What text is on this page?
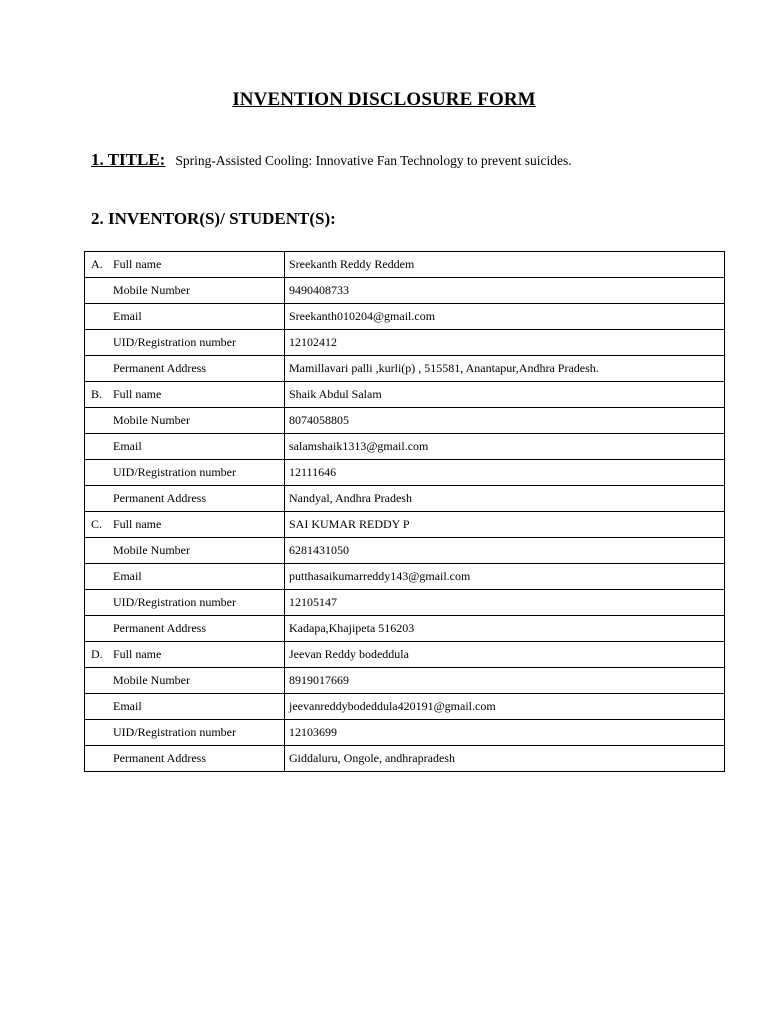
INVENTION DISCLOSURE FORM
1. TITLE: Spring-Assisted Cooling: Innovative Fan Technology to prevent suicides.
2. INVENTOR(S)/ STUDENT(S):
A. Full name	Sreekanth Reddy Reddem
Mobile Number	9490408733
Email	Sreekanth010204@gmail.com
UID/Registration number	12102412
Permanent Address	Mamillavari palli ,kurli(p) , 515581, Anantapur,Andhra Pradesh.
B. Full name	Shaik Abdul Salam
Mobile Number	8074058805
Email	salamshaik1313@gmail.com
UID/Registration number	12111646
Permanent Address	Nandyal, Andhra Pradesh
C. Full name	SAI KUMAR REDDY P
Mobile Number	6281431050
Email	putthasaikumarreddy143@gmail.com
UID/Registration number	12105147
Permanent Address	Kadapa,Khajipeta 516203
D. Full name	Jeevan Reddy bodeddula
Mobile Number	8919017669
Email	jeevanreddybodeddula420191@gmail.com
UID/Registration number	12103699
Permanent Address	Giddaluru, Ongole, andhrapradesh
